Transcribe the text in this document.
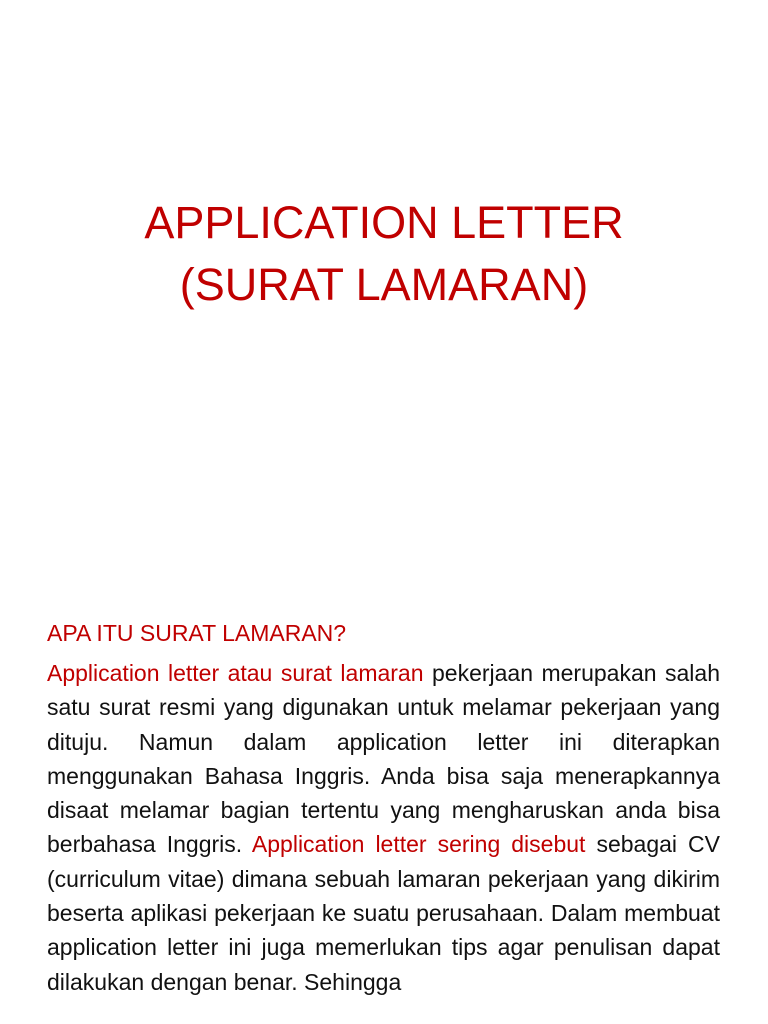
APPLICATION LETTER
(SURAT LAMARAN)
APA ITU SURAT LAMARAN?

Application letter atau surat lamaran pekerjaan merupakan salah satu surat resmi yang digunakan untuk melamar pekerjaan yang dituju. Namun dalam application letter ini diterapkan menggunakan Bahasa Inggris. Anda bisa saja menerapkannya disaat melamar bagian tertentu yang mengharuskan anda bisa berbahasa Inggris. Application letter sering disebut sebagai CV (curriculum vitae) dimana sebuah lamaran pekerjaan yang dikirim beserta aplikasi pekerjaan ke suatu perusahaan. Dalam membuat application letter ini juga memerlukan tips agar penulisan dapat dilakukan dengan benar. Sehingga
